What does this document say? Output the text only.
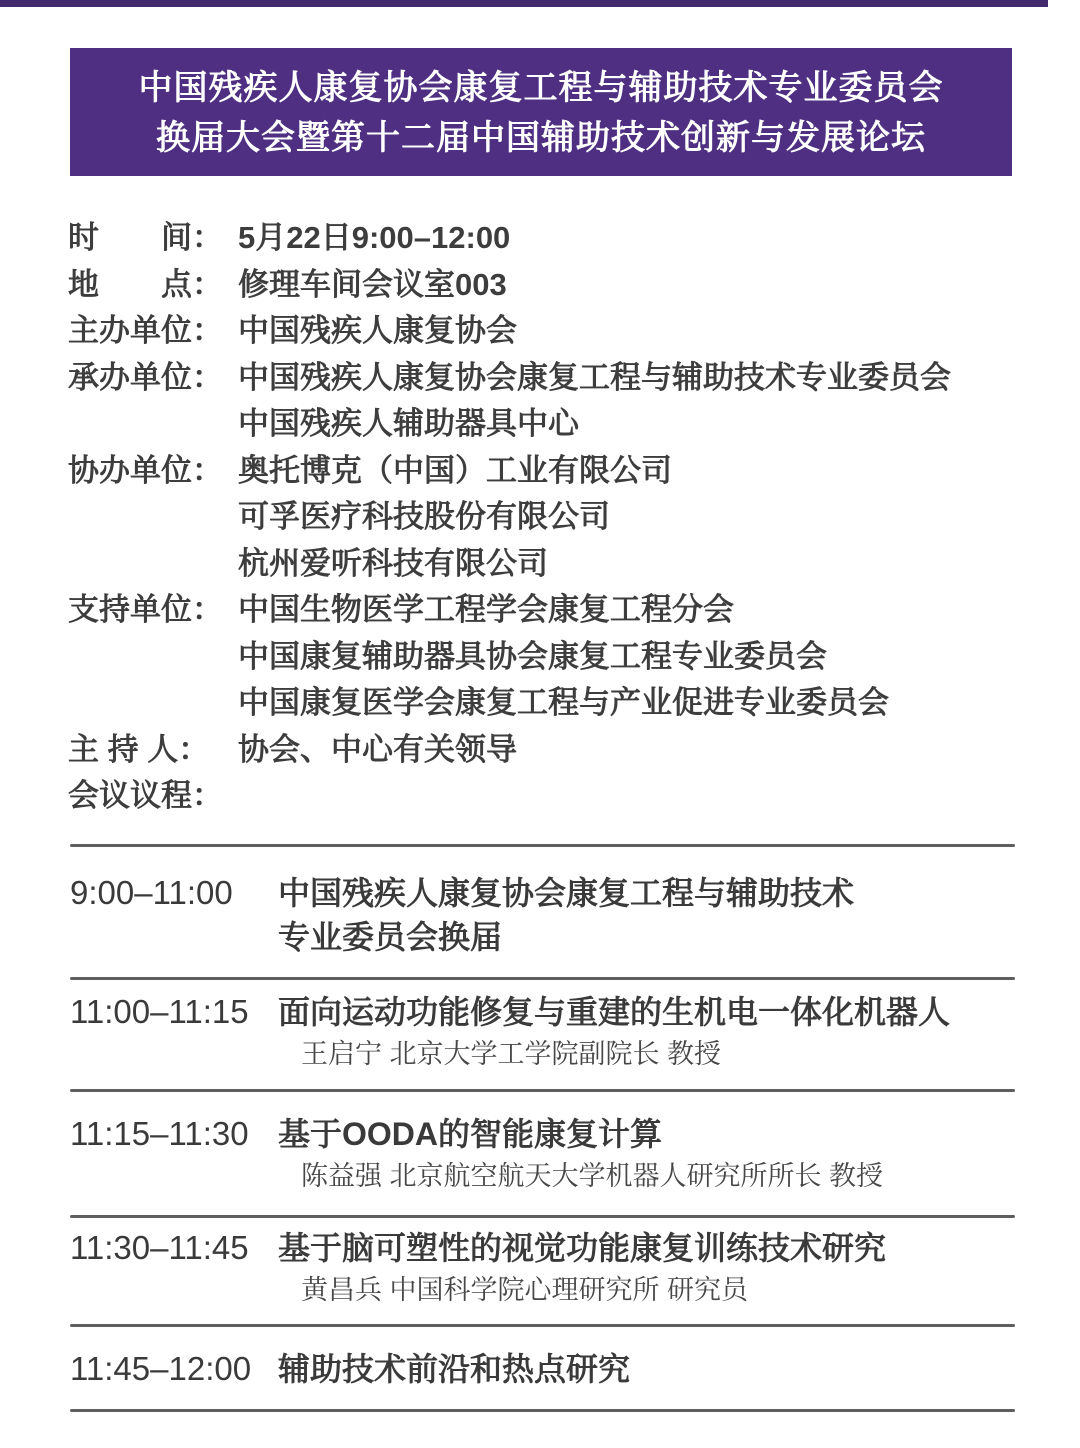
中国残疾人康复协会康复工程与辅助技术专业委员会
换届大会暨第十二届中国辅助技术创新与发展论坛
时　　间： 5月22日9:00–12:00
地　　点： 修理车间会议室003
主办单位： 中国残疾人康复协会
承办单位： 中国残疾人康复协会康复工程与辅助技术专业委员会
中国残疾人辅助器具中心
协办单位： 奥托博克（中国）工业有限公司
可孚医疗科技股份有限公司
杭州爱听科技有限公司
支持单位： 中国生物医学工程学会康复工程分会
中国康复辅助器具协会康复工程专业委员会
中国康复医学会康复工程与产业促进专业委员会
主 持 人： 协会、中心有关领导
会议议程：
9:00–11:00	中国残疾人康复协会康复工程与辅助技术
专业委员会换届
11:00–11:15 面向运动功能修复与重建的生机电一体化机器人
王启宁 北京大学工学院副院长 教授
11:15–11:30 基于OODA的智能康复计算
陈益强 北京航空航天大学机器人研究所所长 教授
11:30–11:45 基于脑可塑性的视觉功能康复训练技术研究
黄昌兵 中国科学院心理研究所 研究员
11:45–12:00 辅助技术前沿和热点研究
